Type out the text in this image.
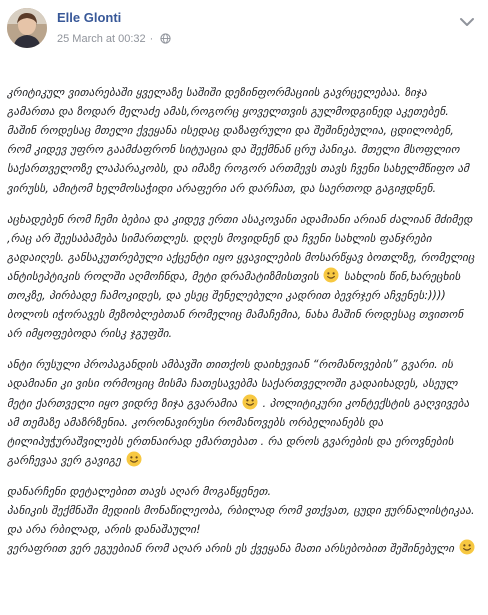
Elle Glonti
25 March at 00:32 ·

კრიტიკულ ვითარებაში ყველაზე საშიში დეზინფორმაციის გავრცელებაა. ზიჯა გამართა და ზოდარ მელაძე ამას,როგორც ყოველთვის გულმოდგინედ აკეთებენ. მაშინ როდესაც მთელი ქვეყანა ისედაც დაზაფრული და შეშინებულია, ცდილობენ, რომ კიდევ უფრო გაამძაფრონ სიტუაცია და შექმნან ცრუ პანიკა. მთელი მსოფლიო საქართველოზე ლაპარაკობს, და იმაზე როგორ ართმევს თავს ჩვენი სახელმწიფო ამ ვირუსს, ამიტომ ხელმოსაჭიდი არაფერი არ დარჩათ, და საერთოდ გაგიჟდნენ.

აცხადებენ რომ ჩემი ბებია და კიდევ ერთი ასაკოვანი ადამიანი არიან ძალიან მძიმედ ,რაც არ შეესაბამება სიმართლეს. დღეს მოვიდნენ და ჩვენი სახლის ფანჯრები გადაიღეს. განსაკუთრებული აქცენტი იყო ყვავილების მოსარწყავ ბოთლზე, რომელიც ანტისეპტიკის როლში აღმოჩნდა, მეტი დრამატიზმისთვის  სახლის წინ,ხარეცხის თოკზე, პირბადე ჩამოკიდეს, და ესეც შენელებული კადრით ბევრჯერ აჩვენეს:)))) ბოლოს იჭორავეს მეზობლებთან რომელიც მამაჩემია, ნახა მაშინ როდესაც თვითონ არ იმყოფებოდა რისკ ჯგუფში.

ანტი რუსული პროპაგანდის ამბავში თითქოს დაიხევიან “რომანოვების” გვარი. ის ადამიანი კი ვისი ორმოციც მისმა ჩათესავებმა საქართველოში გადაიხადეს, ასეულ მეტი ქართველი იყო ვიდრე ზიჯა გვარამია  . პოლიტიკური კონტექსტის გაღვივება ამ თემაზე ამაზრზენია. კორონავირუსი რომანოვებს ორბელიანებს და ტილიპუჭურაშვილებს ერთნაირად ემართებათ . რა დროს გვარების და ეროვნების გარჩევაა ვერ გავიგე

დანარჩენი დეტალებით თავს აღარ მოგაწყენეთ.
პანიკის შექმნაში მედიის მონაწილეობა, რბილად რომ ვთქვათ, ცუდი ჟურნალისტიკაა. და არა რბილად, არის დანაშაული!
ვერაფრით ვერ ეგუებიან რომ აღარ არის ეს ქვეყანა მათი არსებობით შეშინებული
